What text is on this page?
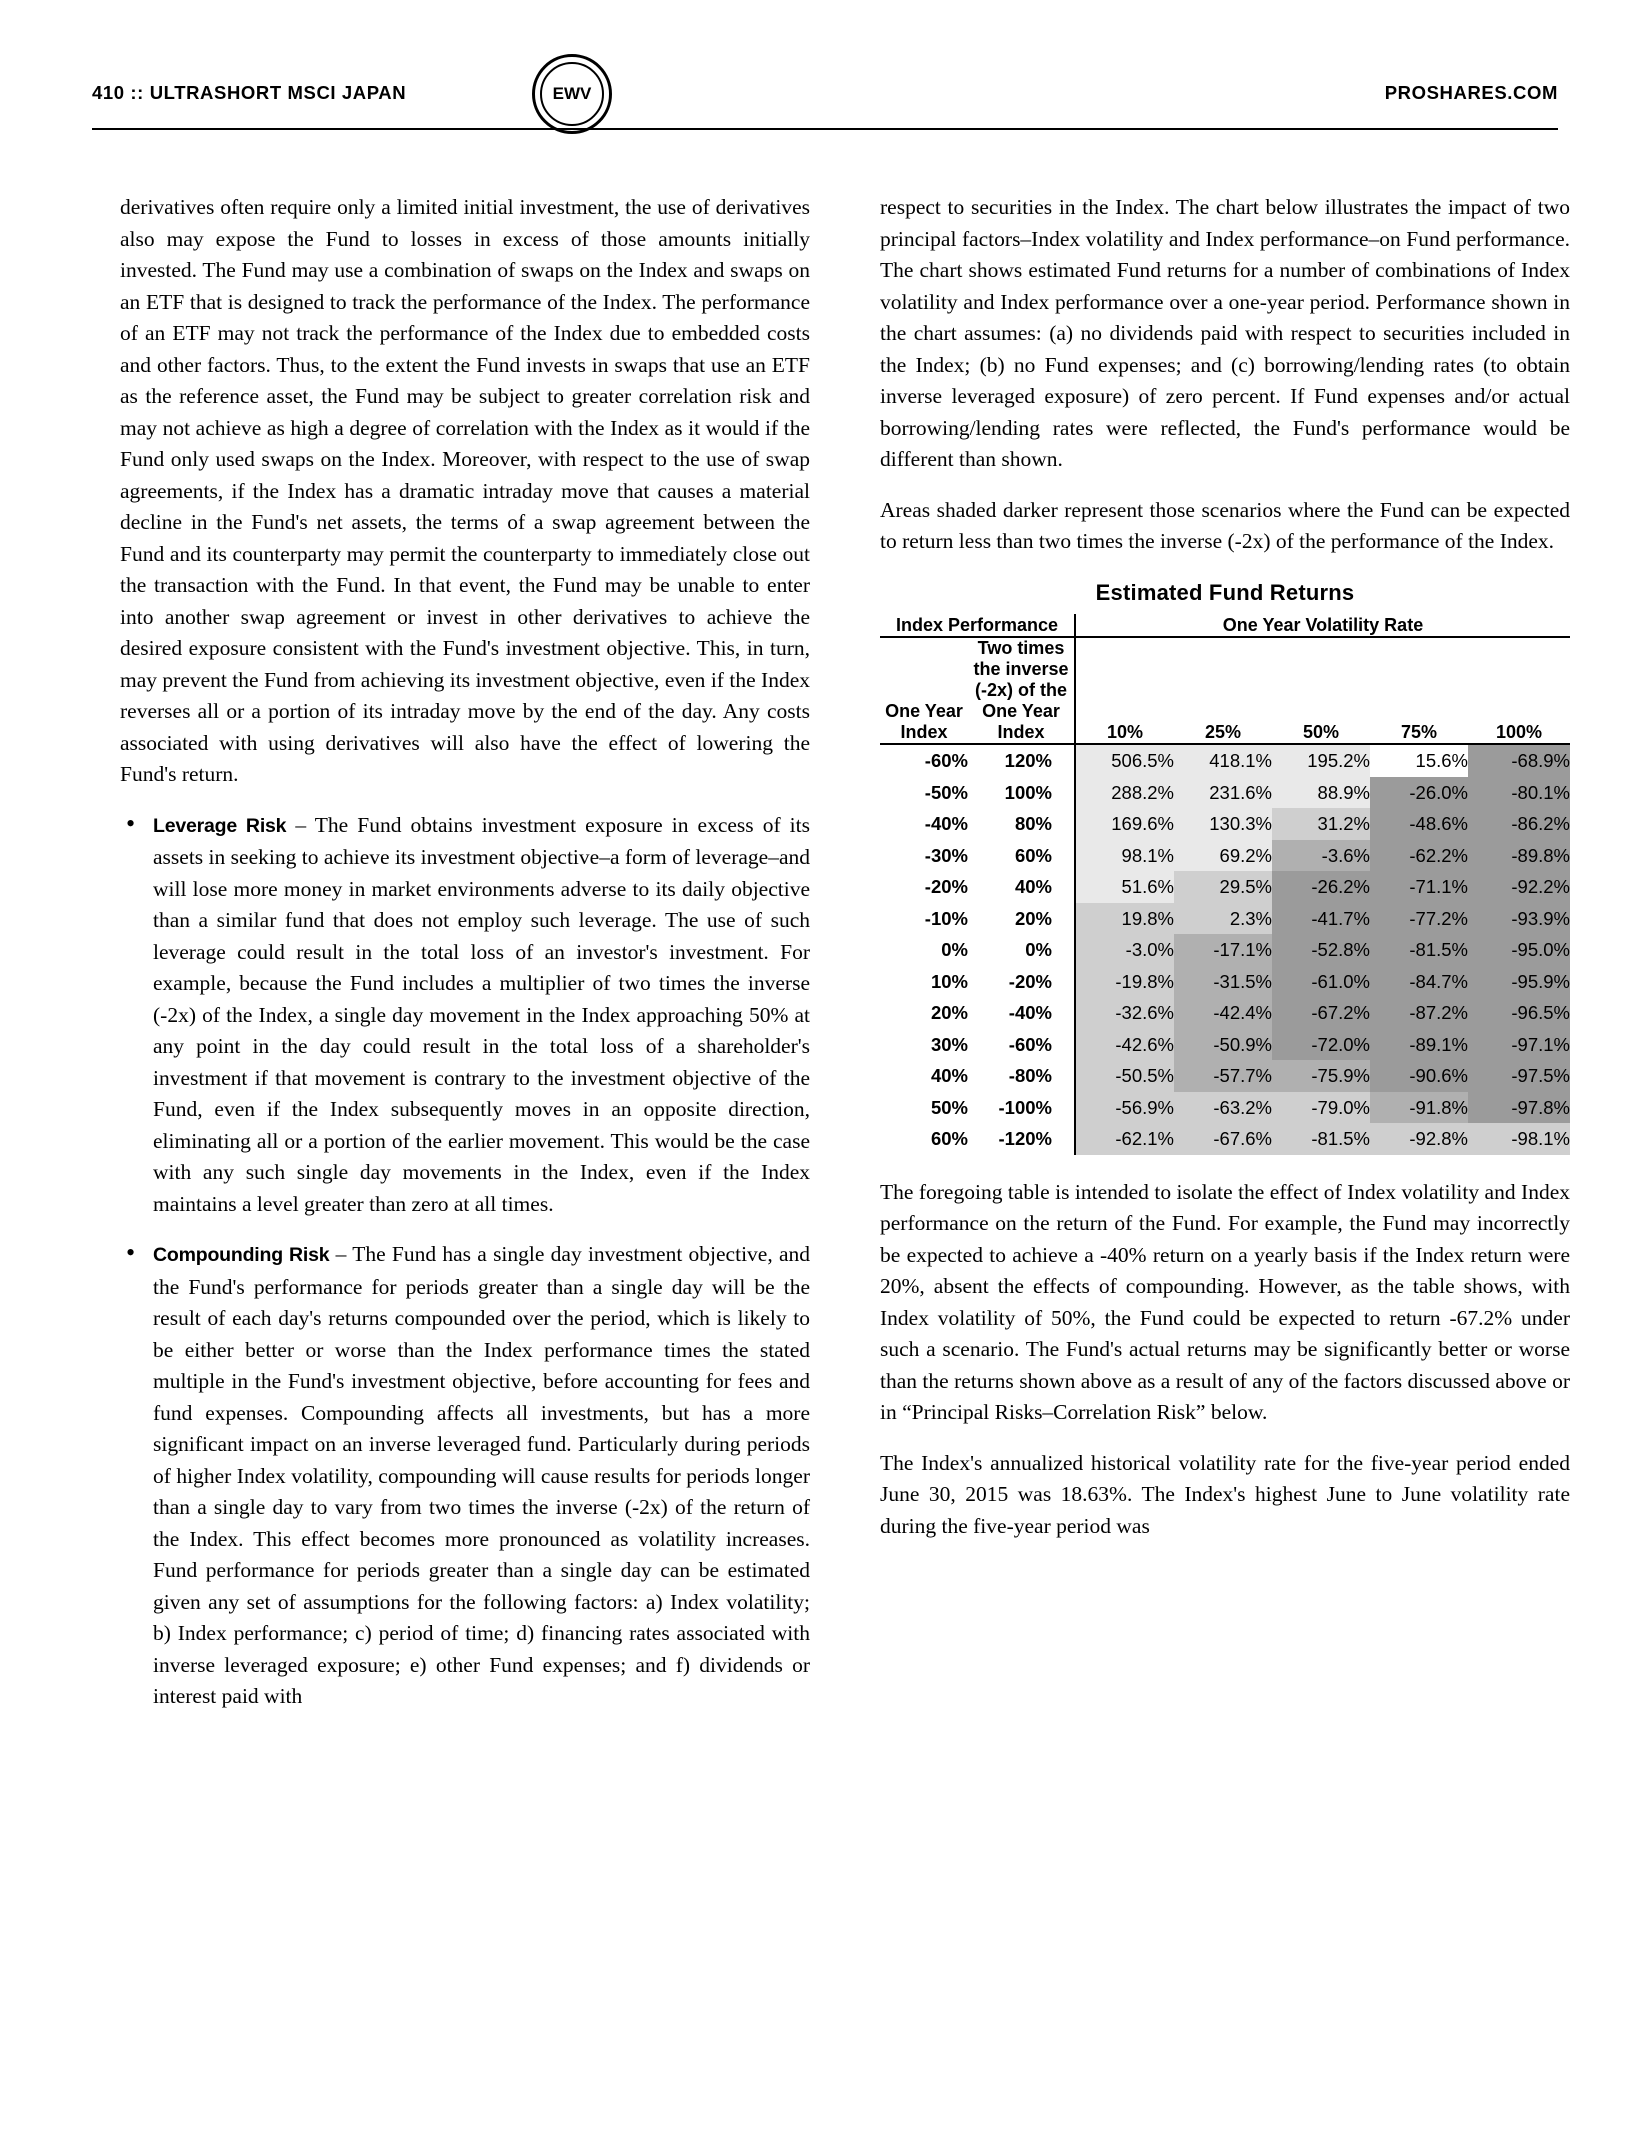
410 :: ULTRASHORT MSCI JAPAN	EWV	PROSHARES.COM

derivatives often require only a limited initial investment, the use of derivatives also may expose the Fund to losses in excess of those amounts initially invested. The Fund may use a combination of swaps on the Index and swaps on an ETF that is designed to track the performance of the Index. The performance of an ETF may not track the performance of the Index due to embedded costs and other factors. Thus, to the extent the Fund invests in swaps that use an ETF as the reference asset, the Fund may be subject to greater correlation risk and may not achieve as high a degree of correlation with the Index as it would if the Fund only used swaps on the Index. Moreover, with respect to the use of swap agreements, if the Index has a dramatic intraday move that causes a material decline in the Fund's net assets, the terms of a swap agreement between the Fund and its counterparty may permit the counterparty to immediately close out the transaction with the Fund. In that event, the Fund may be unable to enter into another swap agreement or invest in other derivatives to achieve the desired exposure consistent with the Fund's investment objective. This, in turn, may prevent the Fund from achieving its investment objective, even if the Index reverses all or a portion of its intraday move by the end of the day. Any costs associated with using derivatives will also have the effect of lowering the Fund's return.

• Leverage Risk – The Fund obtains investment exposure in excess of its assets in seeking to achieve its investment objective–a form of leverage–and will lose more money in market environments adverse to its daily objective than a similar fund that does not employ such leverage. The use of such leverage could result in the total loss of an investor's investment. For example, because the Fund includes a multiplier of two times the inverse (-2x) of the Index, a single day movement in the Index approaching 50% at any point in the day could result in the total loss of a shareholder's investment if that movement is contrary to the investment objective of the Fund, even if the Index subsequently moves in an opposite direction, eliminating all or a portion of the earlier movement. This would be the case with any such single day movements in the Index, even if the Index maintains a level greater than zero at all times.
• Compounding Risk – The Fund has a single day investment objective, and the Fund's performance for periods greater than a single day will be the result of each day's returns compounded over the period, which is likely to be either better or worse than the Index performance times the stated multiple in the Fund's investment objective, before accounting for fees and fund expenses. Compounding affects all investments, but has a more significant impact on an inverse leveraged fund. Particularly during periods of higher Index volatility, compounding will cause results for periods longer than a single day to vary from two times the inverse (-2x) of the return of the Index. This effect becomes more pronounced as volatility increases. Fund performance for periods greater than a single day can be estimated given any set of assumptions for the following factors: a) Index volatility; b) Index performance; c) period of time; d) financing rates associated with inverse leveraged exposure; e) other Fund expenses; and f) dividends or interest paid with

respect to securities in the Index. The chart below illustrates the impact of two principal factors–Index volatility and Index performance–on Fund performance. The chart shows estimated Fund returns for a number of combinations of Index volatility and Index performance over a one-year period. Performance shown in the chart assumes: (a) no dividends paid with respect to securities included in the Index; (b) no Fund expenses; and (c) borrowing/lending rates (to obtain inverse leveraged exposure) of zero percent. If Fund expenses and/or actual borrowing/lending rates were reflected, the Fund's performance would be different than shown.

Areas shaded darker represent those scenarios where the Fund can be expected to return less than two times the inverse (-2x) of the performance of the Index.

Estimated Fund Returns
Index Performance		One Year Volatility Rate				
One Year Index	Two times the inverse (-2x) of the One Year Index	10%	25%	50%	75%	100%
-60%	120%	506.5%	418.1%	195.2%	15.6%	-68.9%
-50%	100%	288.2%	231.6%	88.9%	-26.0%	-80.1%
-40%	80%	169.6%	130.3%	31.2%	-48.6%	-86.2%
-30%	60%	98.1%	69.2%	-3.6%	-62.2%	-89.8%
-20%	40%	51.6%	29.5%	-26.2%	-71.1%	-92.2%
-10%	20%	19.8%	2.3%	-41.7%	-77.2%	-93.9%
0%	0%	-3.0%	-17.1%	-52.8%	-81.5%	-95.0%
10%	-20%	-19.8%	-31.5%	-61.0%	-84.7%	-95.9%
20%	-40%	-32.6%	-42.4%	-67.2%	-87.2%	-96.5%
30%	-60%	-42.6%	-50.9%	-72.0%	-89.1%	-97.1%
40%	-80%	-50.5%	-57.7%	-75.9%	-90.6%	-97.5%
50%	-100%	-56.9%	-63.2%	-79.0%	-91.8%	-97.8%
60%	-120%	-62.1%	-67.6%	-81.5%	-92.8%	-98.1%

The foregoing table is intended to isolate the effect of Index volatility and Index performance on the return of the Fund. For example, the Fund may incorrectly be expected to achieve a -40% return on a yearly basis if the Index return were 20%, absent the effects of compounding. However, as the table shows, with Index volatility of 50%, the Fund could be expected to return -67.2% under such a scenario. The Fund's actual returns may be significantly better or worse than the returns shown above as a result of any of the factors discussed above or in “Principal Risks–Correlation Risk” below.

The Index's annualized historical volatility rate for the five-year period ended June 30, 2015 was 18.63%. The Index's highest June to June volatility rate during the five-year period was
